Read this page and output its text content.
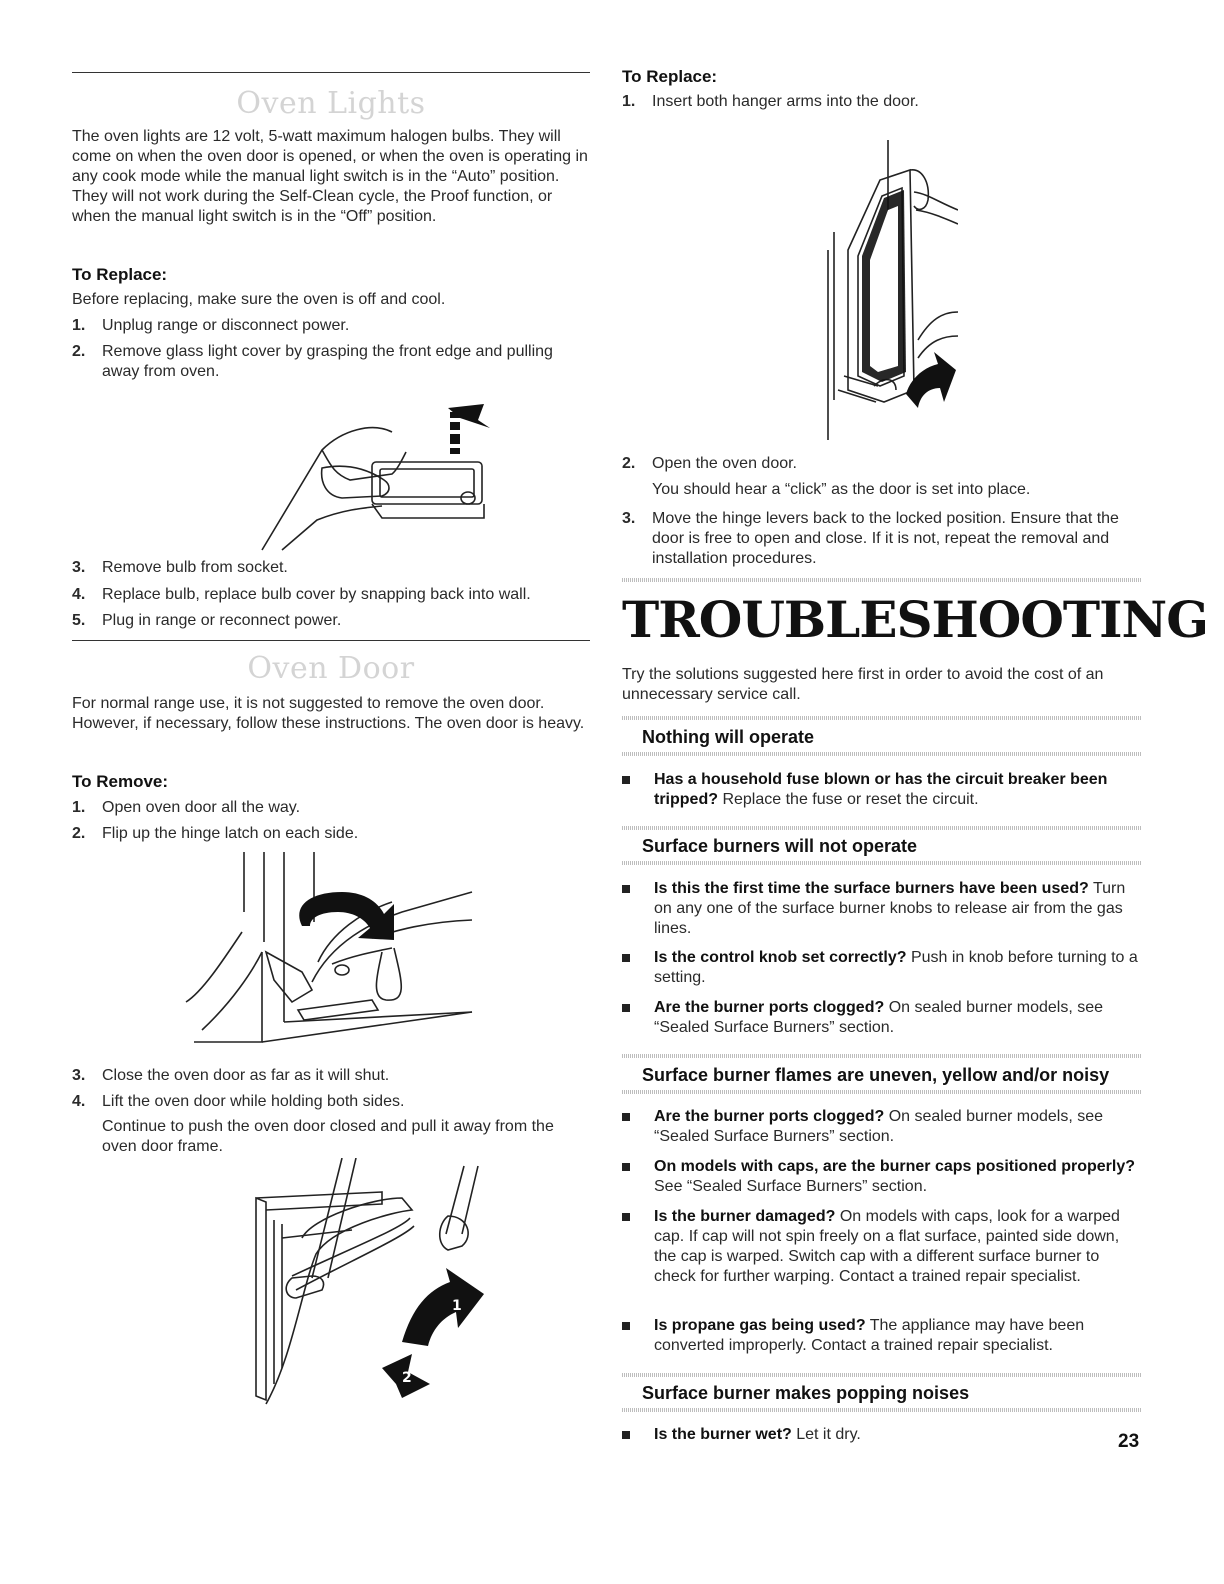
Oven Lights
The oven lights are 12 volt, 5-watt maximum halogen bulbs. They will come on when the oven door is opened, or when the oven is operating in any cook mode while the manual light switch is in the “Auto” position. They will not work during the Self-Clean cycle, the Proof function, or when the manual light switch is in the “Off” position.
To Replace:
Before replacing, make sure the oven is off and cool.
1.	Unplug range or disconnect power.
2.	Remove glass light cover by grasping the front edge and pulling away from oven.
3.	Remove bulb from socket.
4.	Replace bulb, replace bulb cover by snapping back into wall.
5.	Plug in range or reconnect power.
Oven Door
For normal range use, it is not suggested to remove the oven door. However, if necessary, follow these instructions. The oven door is heavy.
To Remove:
1.	Open oven door all the way.
2.	Flip up the hinge latch on each side.
3.	Close the oven door as far as it will shut.
4.	Lift the oven door while holding both sides.
Continue to push the oven door closed and pull it away from the oven door frame.
1
2
To Replace:
1.	Insert both hanger arms into the door.
2.	Open the oven door.
You should hear a “click” as the door is set into place.
3.	Move the hinge levers back to the locked position. Ensure that the door is free to open and close. If it is not, repeat the removal and installation procedures.
TROUBLESHOOTING
Try the solutions suggested here first in order to avoid the cost of an unnecessary service call.
Nothing will operate
Has a household fuse blown or has the circuit breaker been tripped? Replace the fuse or reset the circuit.
Surface burners will not operate
Is this the first time the surface burners have been used? Turn on any one of the surface burner knobs to release air from the gas lines.
Is the control knob set correctly? Push in knob before turning to a setting.
Are the burner ports clogged? On sealed burner models, see “Sealed Surface Burners” section.
Surface burner flames are uneven, yellow and/or noisy
Are the burner ports clogged? On sealed burner models, see “Sealed Surface Burners” section.
On models with caps, are the burner caps positioned properly? See “Sealed Surface Burners” section.
Is the burner damaged? On models with caps, look for a warped cap. If cap will not spin freely on a flat surface, painted side down, the cap is warped. Switch cap with a different surface burner to check for further warping. Contact a trained repair specialist.
Is propane gas being used? The appliance may have been converted improperly. Contact a trained repair specialist.
Surface burner makes popping noises
Is the burner wet? Let it dry.	23
